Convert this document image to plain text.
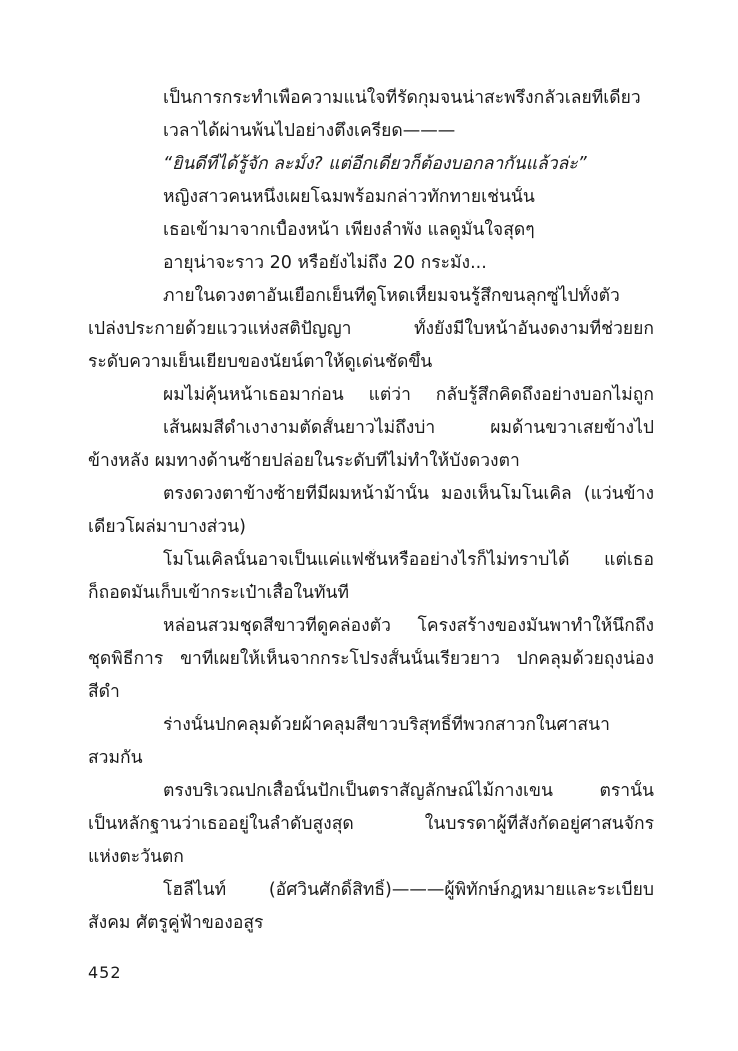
เป็นการกระทำเพื่อความแน่ใจที่รัดกุมจนน่าสะพรึงกลัวเลยทีเดียว
เวลาได้ผ่านพ้นไปอย่างตึงเครียด———
“ยินดีที่ได้รู้จัก ละมั้ง? แต่อีกเดี๋ยวก็ต้องบอกลากันแล้วล่ะ”
หญิงสาวคนหนึ่งเผยโฉมพร้อมกล่าวทักทายเช่นนั้น
เธอเข้ามาจากเบื้องหน้า เพียงลำพัง แลดูมั่นใจสุดๆ
อายุน่าจะราว 20 หรือยังไม่ถึง 20 กระมัง...
ภายในดวงตาอันเยือกเย็นที่ดูโหดเหี้ยมจนรู้สึกขนลุกซู่ไปทั้งตัว
เปล่งประกายด้วยแววแห่งสติปัญญา ทั้งยังมีใบหน้าอันงดงามที่ช่วยยก
ระดับความเย็นเยียบของนัยน์ตาให้ดูเด่นชัดขึ้น
ผมไม่คุ้นหน้าเธอมาก่อน แต่ว่า กลับรู้สึกคิดถึงอย่างบอกไม่ถูก
เส้นผมสีดำเงางามตัดสั้นยาวไม่ถึงบ่า ผมด้านขวาเสยข้างไป
ข้างหลัง ผมทางด้านซ้ายปล่อยในระดับที่ไม่ทำให้บังดวงตา
ตรงดวงตาข้างซ้ายที่มีผมหน้าม้านั้น มองเห็นโมโนเคิล (แว่นข้าง
เดียวโผล่มาบางส่วน)
โมโนเคิลนั้นอาจเป็นแค่แฟชั่นหรืออย่างไรก็ไม่ทราบได้ แต่เธอ
ก็ถอดมันเก็บเข้ากระเป๋าเสื้อในทันที
หล่อนสวมชุดสีขาวที่ดูคล่องตัว โครงสร้างของมันพาทำให้นึกถึง
ชุดพิธีการ ขาที่เผยให้เห็นจากกระโปรงสั้นนั้นเรียวยาว ปกคลุมด้วยถุงน่อง
สีดำ
ร่างนั้นปกคลุมด้วยผ้าคลุมสีขาวบริสุทธิ์ที่พวกสาวกในศาสนา
สวมกัน
ตรงบริเวณปกเสื้อนั้นปักเป็นตราสัญลักษณ์ไม้กางเขน ตรานั้น
เป็นหลักฐานว่าเธออยู่ในลำดับสูงสุด ในบรรดาผู้ที่สังกัดอยู่ศาสนจักร
แห่งตะวันตก
โฮลีไนท์ (อัศวินศักดิ์สิทธิ์)———ผู้พิทักษ์กฎหมายและระเบียบ
สังคม ศัตรูคู่ฟ้าของอสูร
452
